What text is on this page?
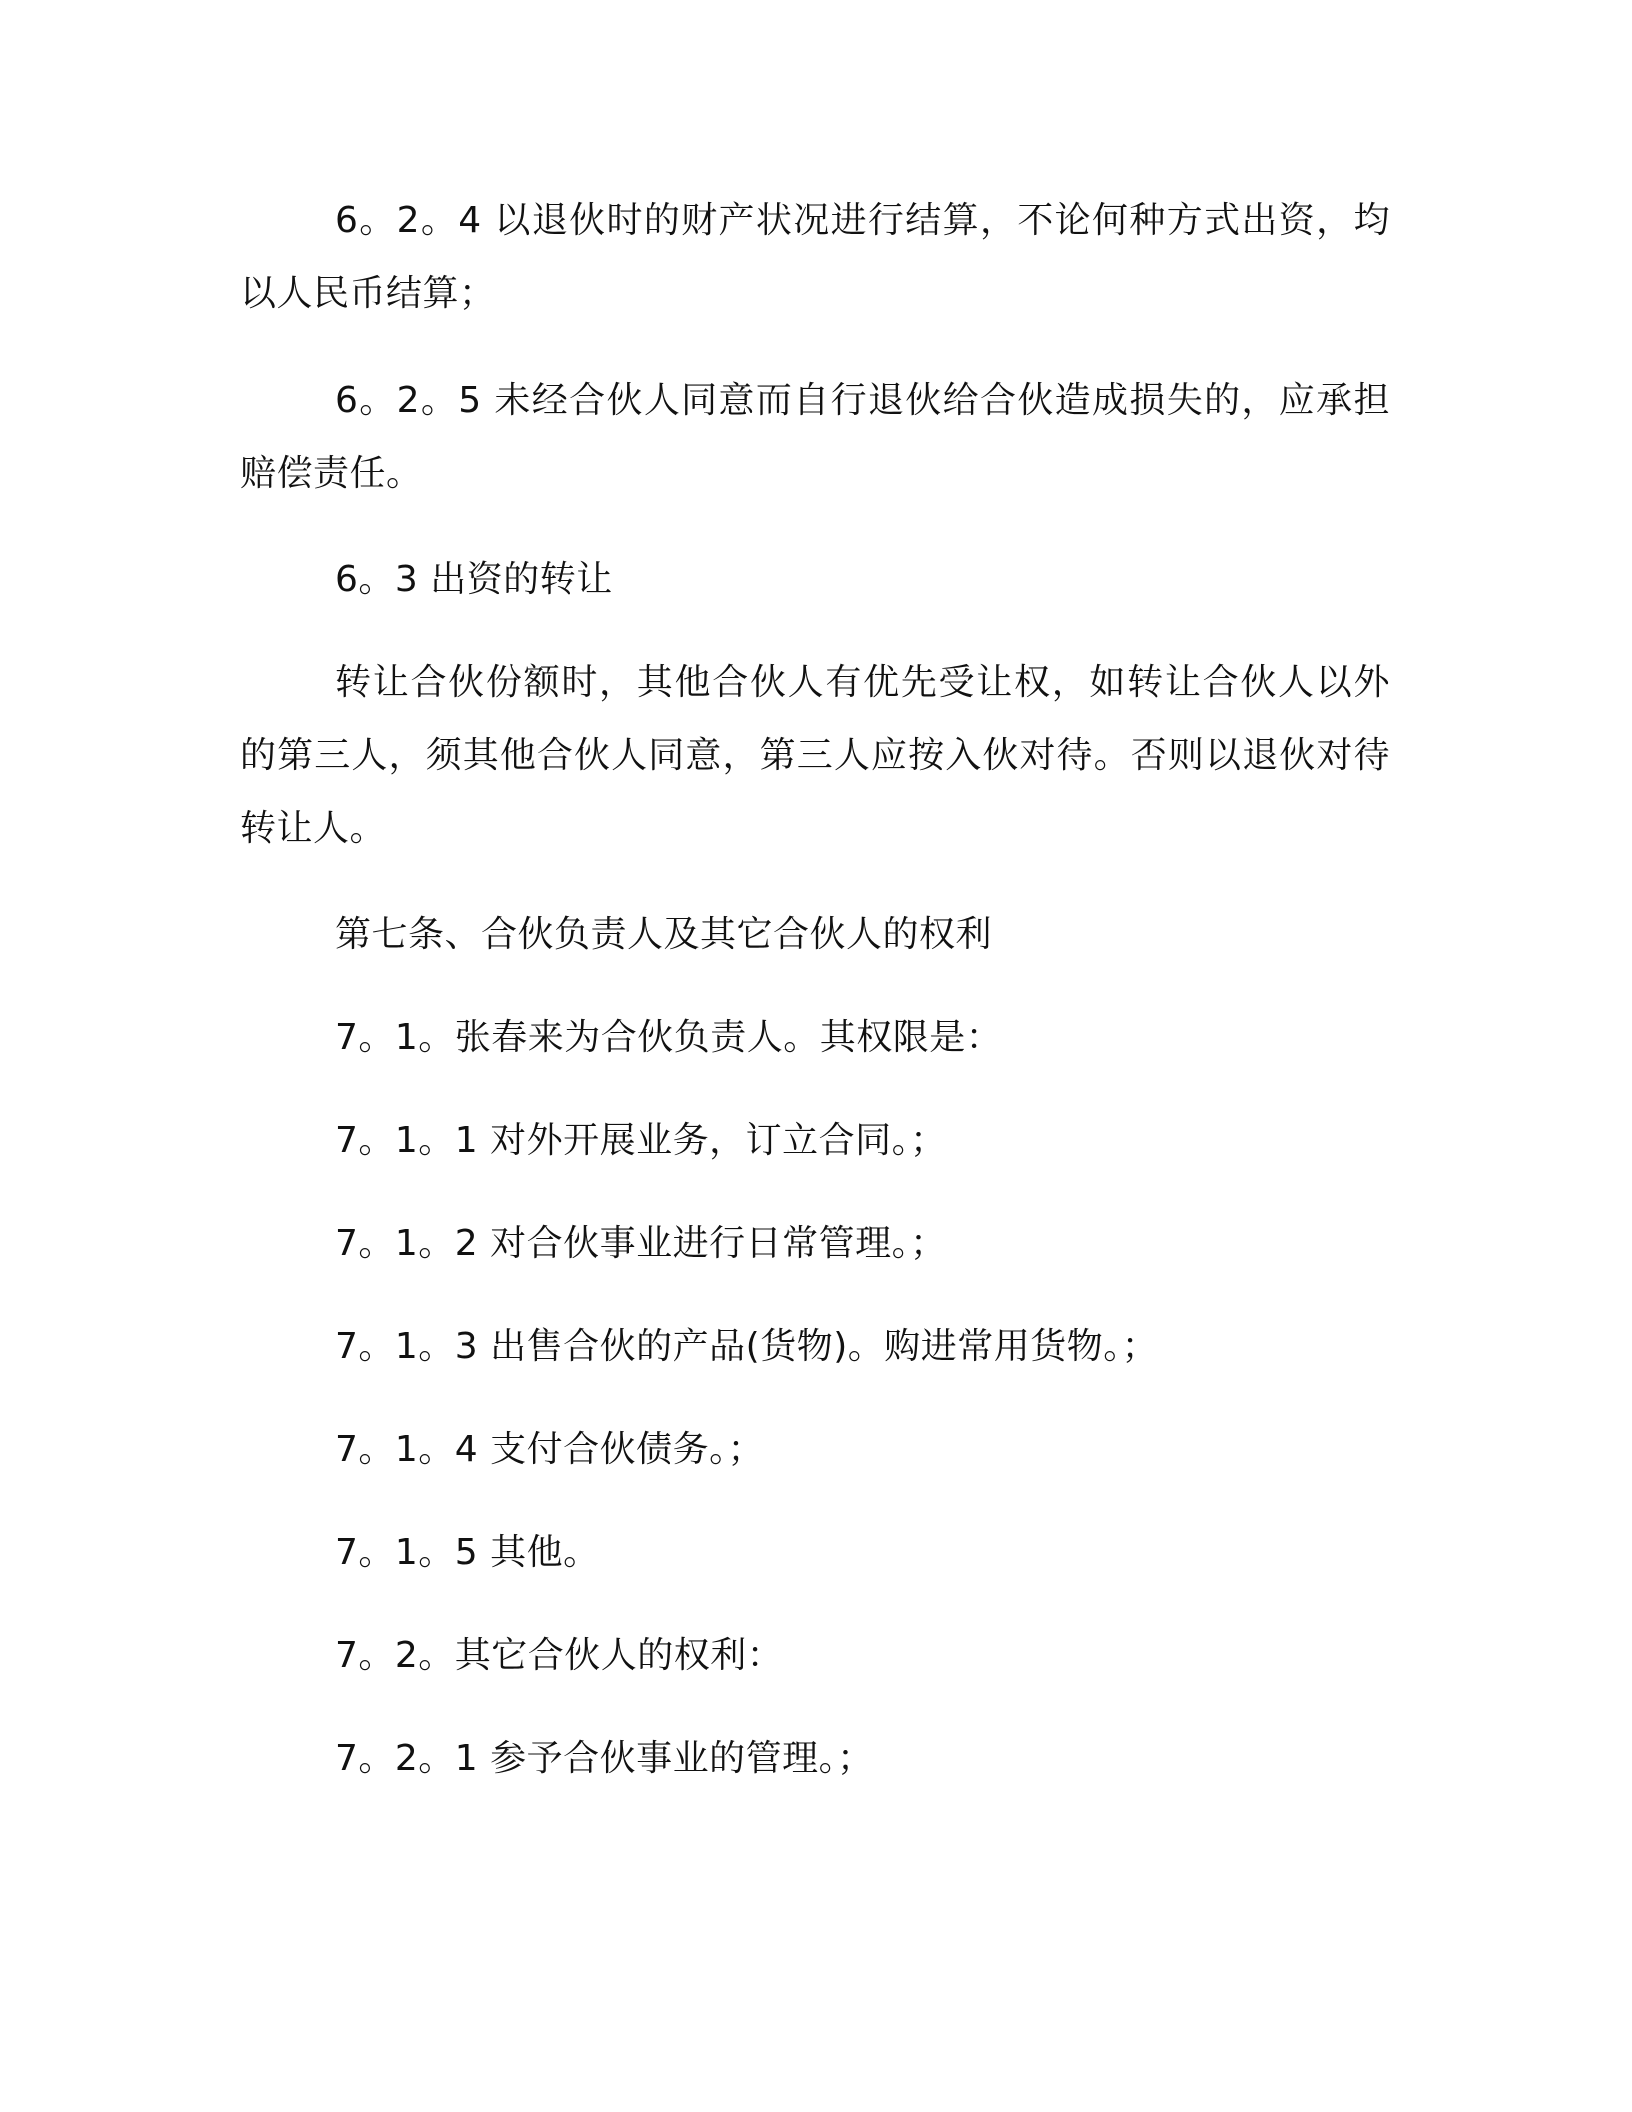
6。2。4 以退伙时的财产状况进行结算，不论何种方式出资，均以人民币结算；

6。2。5 未经合伙人同意而自行退伙给合伙造成损失的，应承担赔偿责任。

6。3 出资的转让

转让合伙份额时，其他合伙人有优先受让权，如转让合伙人以外的第三人，须其他合伙人同意，第三人应按入伙对待。否则以退伙对待转让人。

第七条、合伙负责人及其它合伙人的权利

7。1。张春来为合伙负责人。其权限是：

7。1。1 对外开展业务，订立合同。；

7。1。2 对合伙事业进行日常管理。；

7。1。3 出售合伙的产品(货物)。购进常用货物。；

7。1。4 支付合伙债务。；

7。1。5 其他。

7。2。其它合伙人的权利：

7。2。1 参予合伙事业的管理。；
